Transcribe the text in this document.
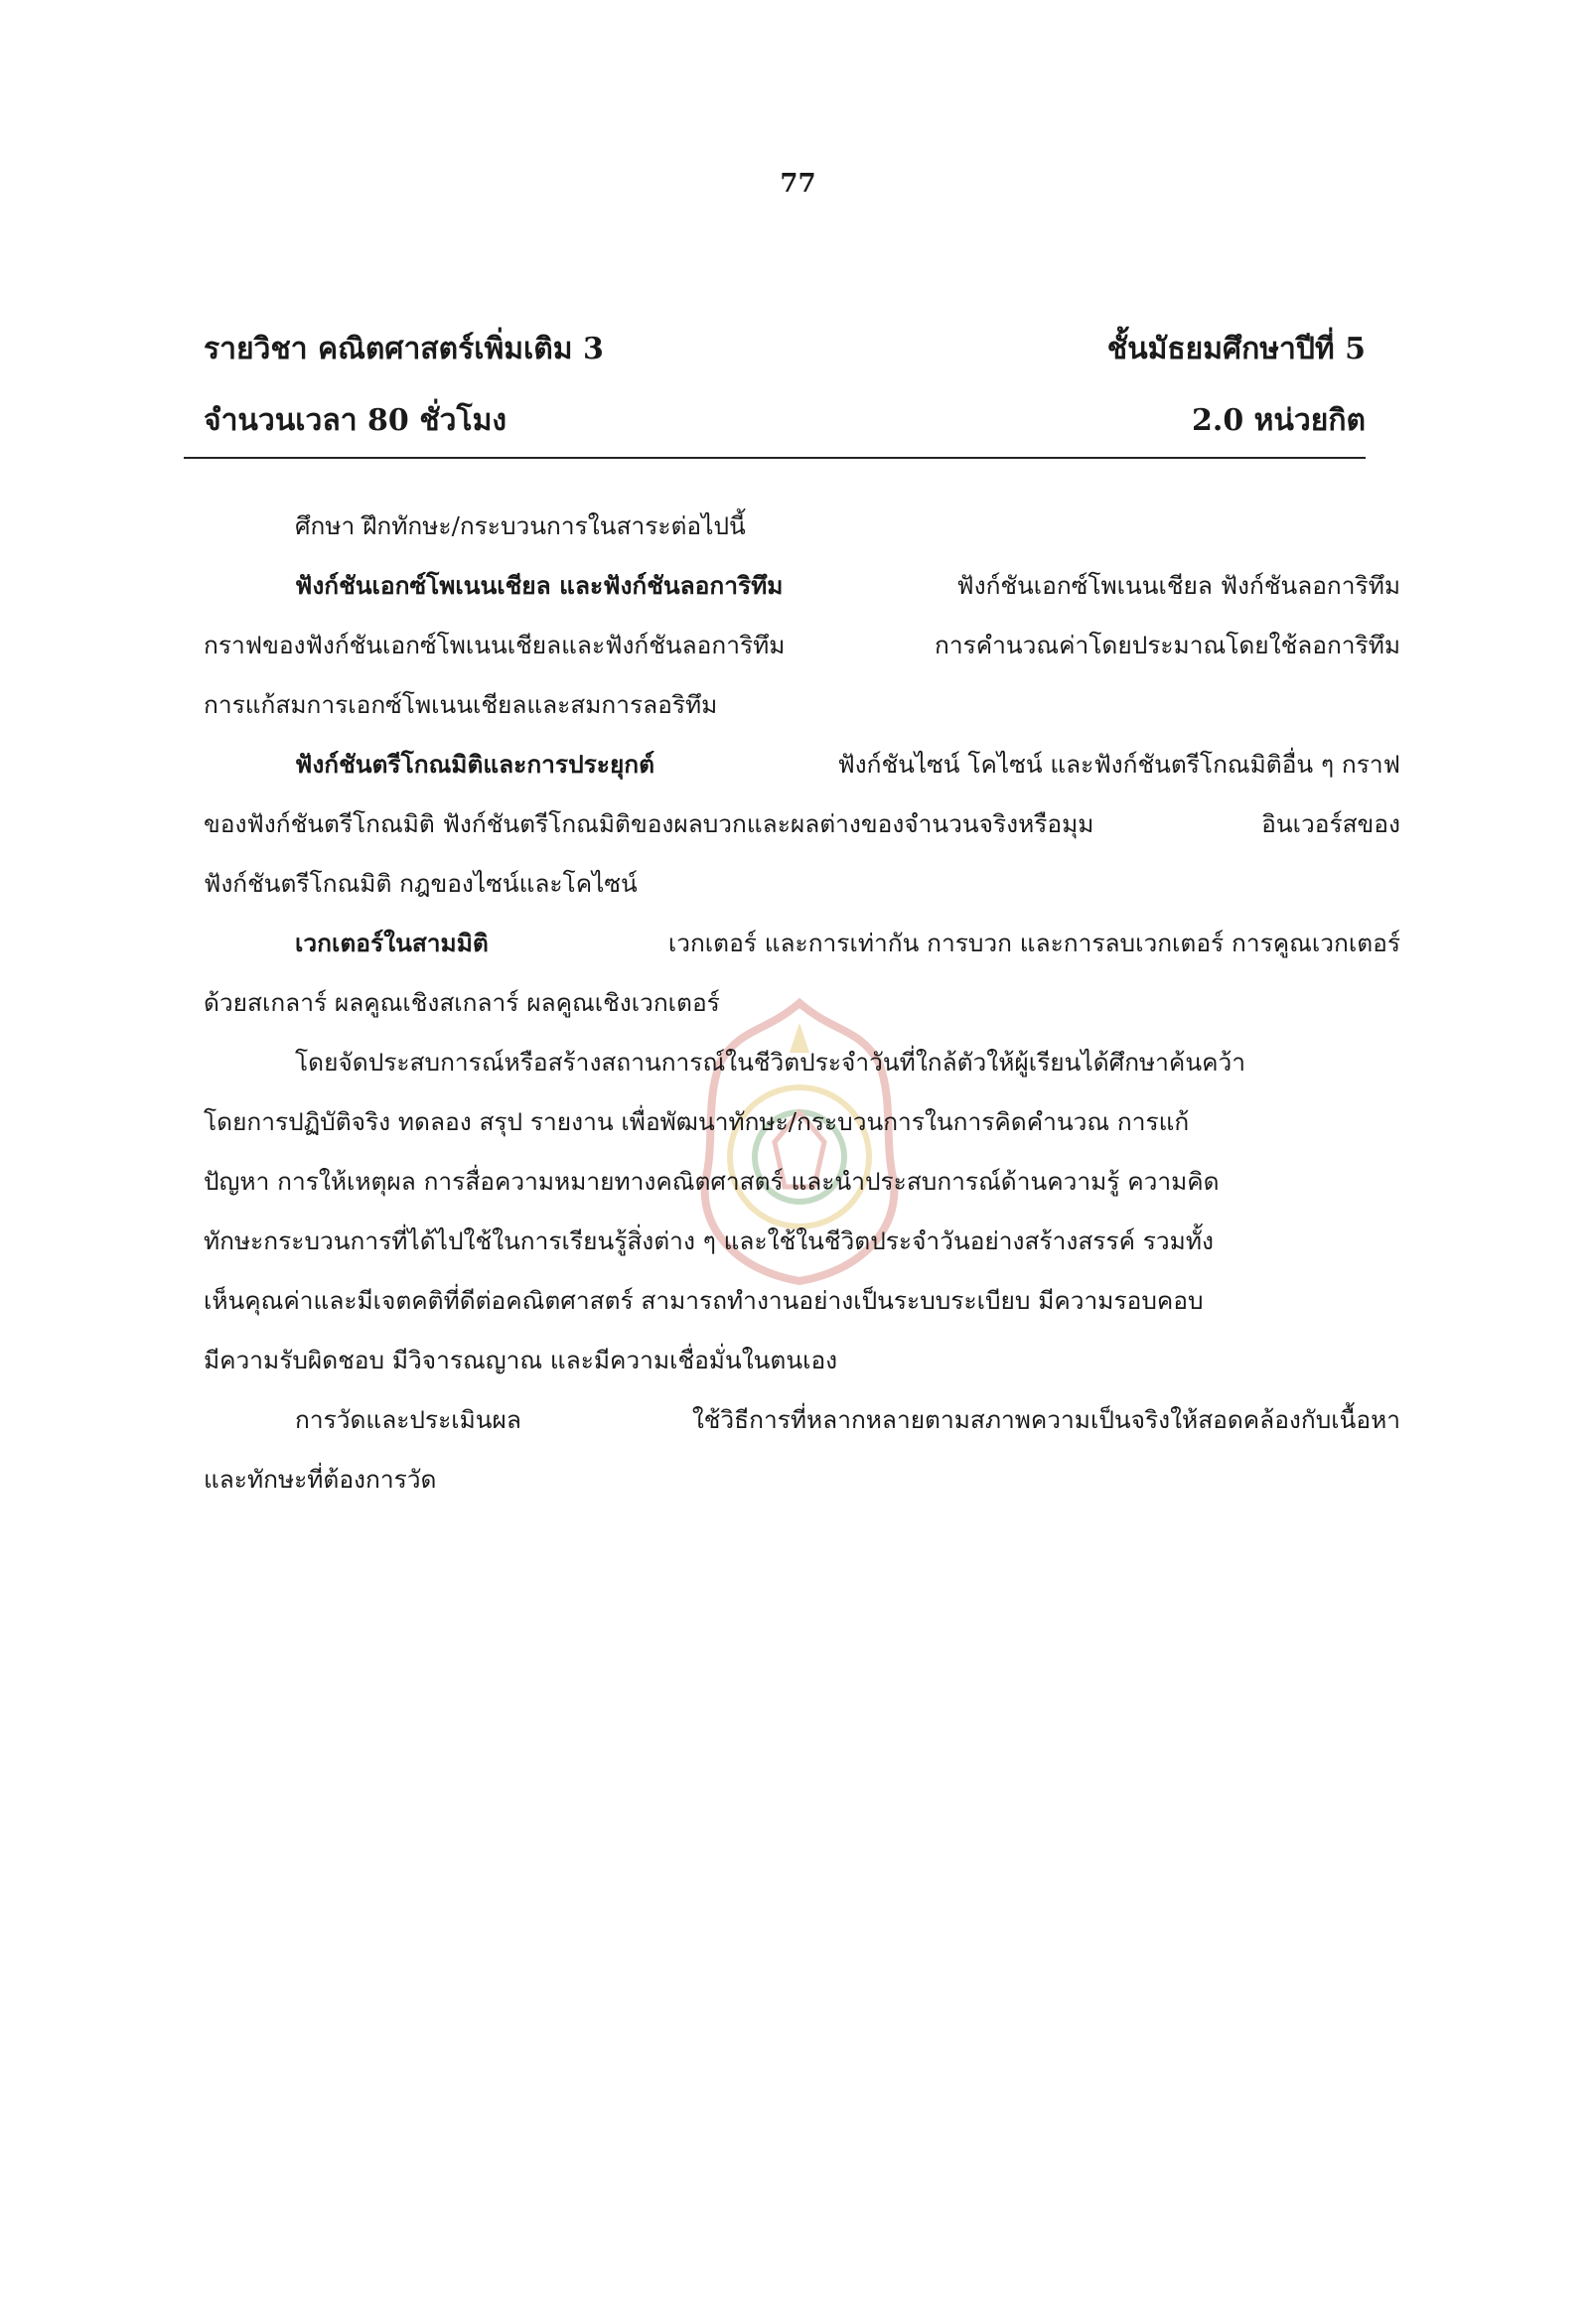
77
รายวิชา คณิตศาสตร์เพิ่มเติม 3	ชั้นมัธยมศึกษาปีที่ 5
จำนวนเวลา 80 ชั่วโมง	2.0 หน่วยกิต
ศึกษา ฝึกทักษะ/กระบวนการในสาระต่อไปนี้
ฟังก์ชันเอกซ์โพเนนเชียล และฟังก์ชันลอการิทึม	ฟังก์ชันเอกซ์โพเนนเชียล ฟังก์ชันลอการิทึม
กราฟของฟังก์ชันเอกซ์โพเนนเชียลและฟังก์ชันลอการิทึม	การคำนวณค่าโดยประมาณโดยใช้ลอการิทึม
การแก้สมการเอกซ์โพเนนเชียลและสมการลอริทึม
ฟังก์ชันตรีโกณมิติและการประยุกต์	ฟังก์ชันไซน์ โคไซน์ และฟังก์ชันตรีโกณมิติอื่น ๆ กราฟ
ของฟังก์ชันตรีโกณมิติ ฟังก์ชันตรีโกณมิติของผลบวกและผลต่างของจำนวนจริงหรือมุม	อินเวอร์สของ
ฟังก์ชันตรีโกณมิติ กฎของไซน์และโคไซน์
เวกเตอร์ในสามมิติ	เวกเตอร์ และการเท่ากัน การบวก และการลบเวกเตอร์ การคูณเวกเตอร์
ด้วยสเกลาร์ ผลคูณเชิงสเกลาร์ ผลคูณเชิงเวกเตอร์
โดยจัดประสบการณ์หรือสร้างสถานการณ์ในชีวิตประจำวันที่ใกล้ตัวให้ผู้เรียนได้ศึกษาค้นคว้า
โดยการปฏิบัติจริง ทดลอง สรุป รายงาน เพื่อพัฒนาทักษะ/กระบวนการในการคิดคำนวณ การแก้
ปัญหา การให้เหตุผล การสื่อความหมายทางคณิตศาสตร์ และนำประสบการณ์ด้านความรู้ ความคิด
ทักษะกระบวนการที่ได้ไปใช้ในการเรียนรู้สิ่งต่าง ๆ และใช้ในชีวิตประจำวันอย่างสร้างสรรค์ รวมทั้ง
เห็นคุณค่าและมีเจตคติที่ดีต่อคณิตศาสตร์ สามารถทำงานอย่างเป็นระบบระเบียบ มีความรอบคอบ
มีความรับผิดชอบ มีวิจารณญาณ และมีความเชื่อมั่นในตนเอง
การวัดและประเมินผล	ใช้วิธีการที่หลากหลายตามสภาพความเป็นจริงให้สอดคล้องกับเนื้อหา
และทักษะที่ต้องการวัด
